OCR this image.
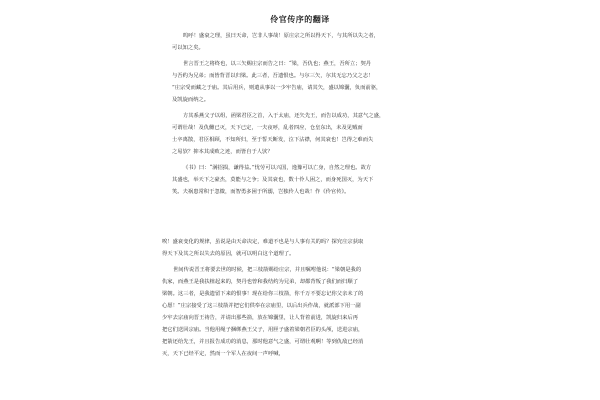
伶官传序的翻译
呜呼！盛衰之理，虽曰天命，岂非人事哉！原庄宗之所以得天下，与其所以失之者，
可以知之矣。
世言晋王之将终也，以三矢赐庄宗而告之曰：“梁，吾仇也；燕王，吾所立；契丹
与吾约为兄弟；而皆背晋以归梁。此三者，吾遗恨也。与尔三矢，尔其无忘乃父之志！
”庄宗受而藏之于庙。其后用兵，则遣从事以一少牢告庙，请其矢，盛以锦囊，负而前驱，
及凯旋而纳之。
方其系燕父子以组，函梁君臣之首，入于太庙，还矢先王，而告以成功，其意气之盛，
可谓壮哉！及仇雠已灭，天下已定，一夫夜呼，乱者四应，仓皇东出，未及见贼而
士卒离散，君臣相顾，不知所归，至于誓天断发，泣下沾襟，何其衰也！岂得之难而失
之易欤？抑本其成败之迹，而皆自于人欤？
《书》曰：“满招损，谦得益。”忧劳可以兴国，逸豫可以亡身，自然之理也。故方
其盛也，举天下之豪杰，莫能与之争；及其衰也，数十伶人困之，而身死国灭，为天下
笑。夫祸患常积于忽微，而智勇多困于所溺，岂独伶人也哉！作《伶官传》。
唉！盛衰变化的规律，虽说是由天命决定，难道不也是与人事有关的吗？探究庄宗获取
得天下及其之所以失去的原因，就可以明白这个道理了。
世间传说晋王将要去世的时候，把三枝箭赐给庄宗，并且嘱咐他说：“梁朝是我的
仇家，而燕王是我扶植起来的，契丹也曾和我结约为兄弟，却都背叛了我们而归顺了
梁朝。这三者，是我遗留下来的恨事！现在给你三枝箭，你千万不要忘记你父亲未了的
心愿！”庄宗接受了这三枝箭并把它们供奉在宗庙里，以后出兵作战，就派部下用一副
少牢去宗庙向晋王祷告，并请出那些箭，放在锦囊里，让人背着前进，凯旋归来后再
把它们送回宗庙。当他用绳子捆绑燕王父子，用匣子盛着梁朝君臣的头颅，送进宗庙，
把箭还给先王，并且报告成功的消息，那时他意气之盛，可谓壮观啊！等到仇敌已经消
灭，天下已经平定，然而一个军人在夜间一声呼喊，
